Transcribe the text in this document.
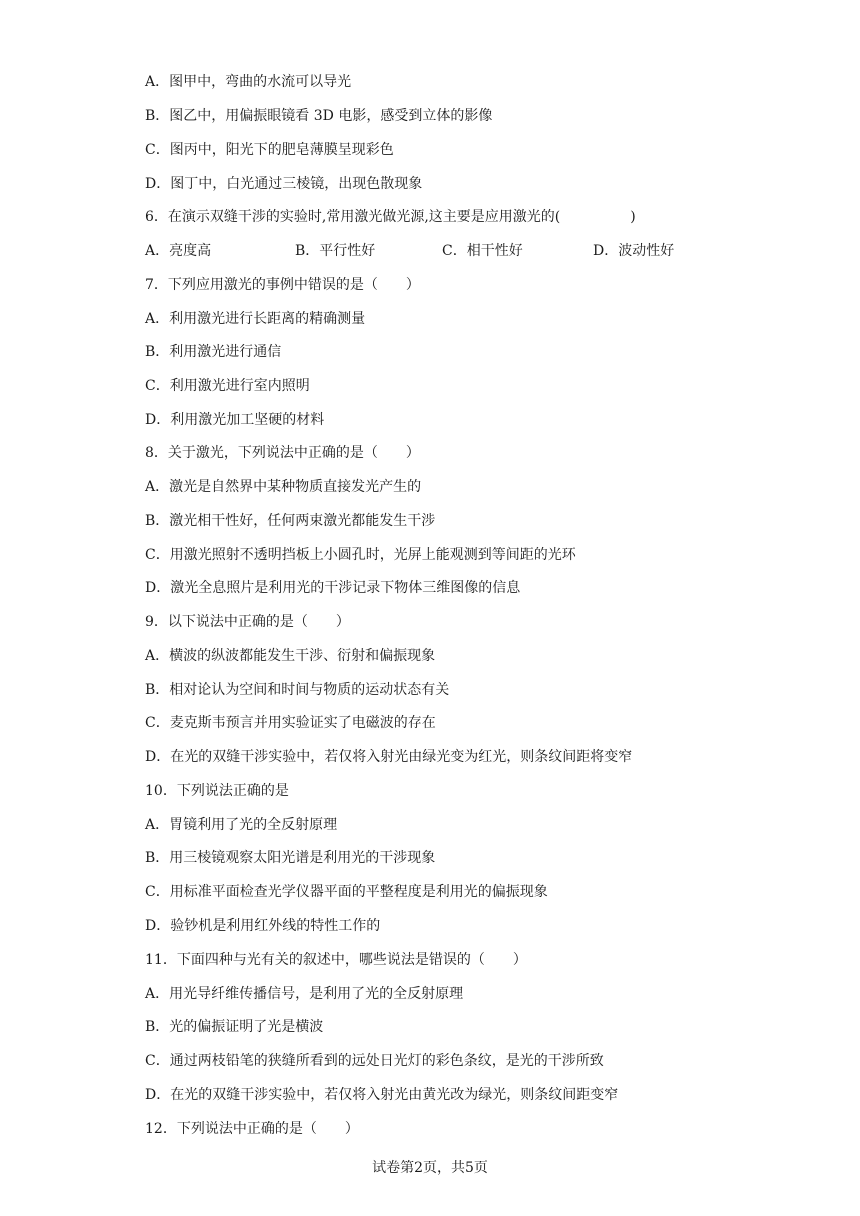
A．图甲中，弯曲的水流可以导光
B．图乙中，用偏振眼镜看 3D 电影，感受到立体的影像
C．图丙中，阳光下的肥皂薄膜呈现彩色
D．图丁中，白光通过三棱镜，出现色散现象
6．在演示双缝干涉的实验时,常用激光做光源,这主要是应用激光的(　　　　　)
A．亮度高	B．平行性好	C．相干性好	D．波动性好
7．下列应用激光的事例中错误的是（　　）
A．利用激光进行长距离的精确测量
B．利用激光进行通信
C．利用激光进行室内照明
D．利用激光加工坚硬的材料
8．关于激光，下列说法中正确的是（　　）
A．激光是自然界中某种物质直接发光产生的
B．激光相干性好，任何两束激光都能发生干涉
C．用激光照射不透明挡板上小圆孔时，光屏上能观测到等间距的光环
D．激光全息照片是利用光的干涉记录下物体三维图像的信息
9．以下说法中正确的是（　　）
A．横波的纵波都能发生干涉、衍射和偏振现象
B．相对论认为空间和时间与物质的运动状态有关
C．麦克斯韦预言并用实验证实了电磁波的存在
D．在光的双缝干涉实验中，若仅将入射光由绿光变为红光，则条纹间距将变窄
10．下列说法正确的是
A．胃镜利用了光的全反射原理
B．用三棱镜观察太阳光谱是利用光的干涉现象
C．用标准平面检查光学仪器平面的平整程度是利用光的偏振现象
D．验钞机是利用红外线的特性工作的
11．下面四种与光有关的叙述中，哪些说法是错误的（　　）
A．用光导纤维传播信号，是利用了光的全反射原理
B．光的偏振证明了光是横波
C．通过两枝铅笔的狭缝所看到的远处日光灯的彩色条纹，是光的干涉所致
D．在光的双缝干涉实验中，若仅将入射光由黄光改为绿光，则条纹间距变窄
12．下列说法中正确的是（　　）
试卷第2页，共5页
